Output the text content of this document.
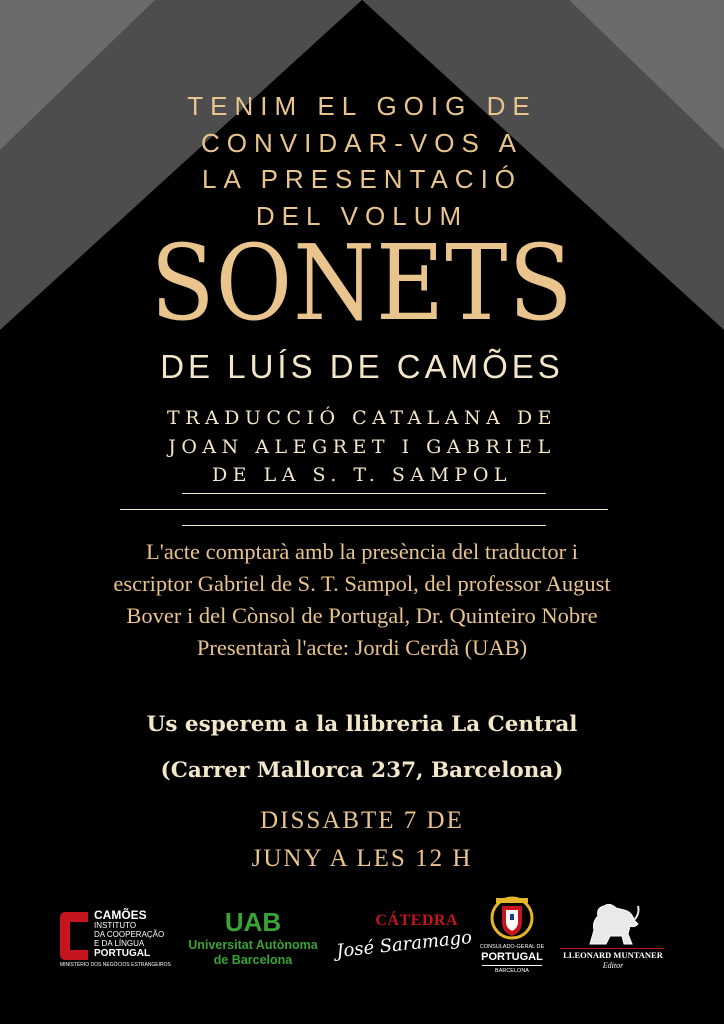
TENIM EL GOIG DE
CONVIDAR-VOS A
LA PRESENTACIÓ
DEL VOLUM
SONETS
DE LUÍS DE CAMÕES
TRADUCCIÓ CATALANA DE
JOAN ALEGRET I GABRIEL
DE LA S. T. SAMPOL
L'acte comptarà amb la presència del traductor i
escriptor Gabriel de S. T. Sampol, del professor August
Bover i del Cònsol de Portugal, Dr. Quinteiro Nobre
Presentarà l'acte: Jordi Cerdà (UAB)
Us esperem a la llibreria La Central
(Carrer Mallorca 237, Barcelona)
DISSABTE 7 DE
JUNY A LES 12 H
CAMÕES
INSTITUTO
DA COOPERAÇÃO
E DA LÍNGUA
PORTUGAL
MINISTÉRIO DOS NEGÓCIOS ESTRANGEIROS
UAB
Universitat Autònoma
de Barcelona
CÁTEDRA
José Saramago	CONSULADO-GERAL DE
PORTUGAL
BARCELONA
LLEONARD MUNTANER
Editor
